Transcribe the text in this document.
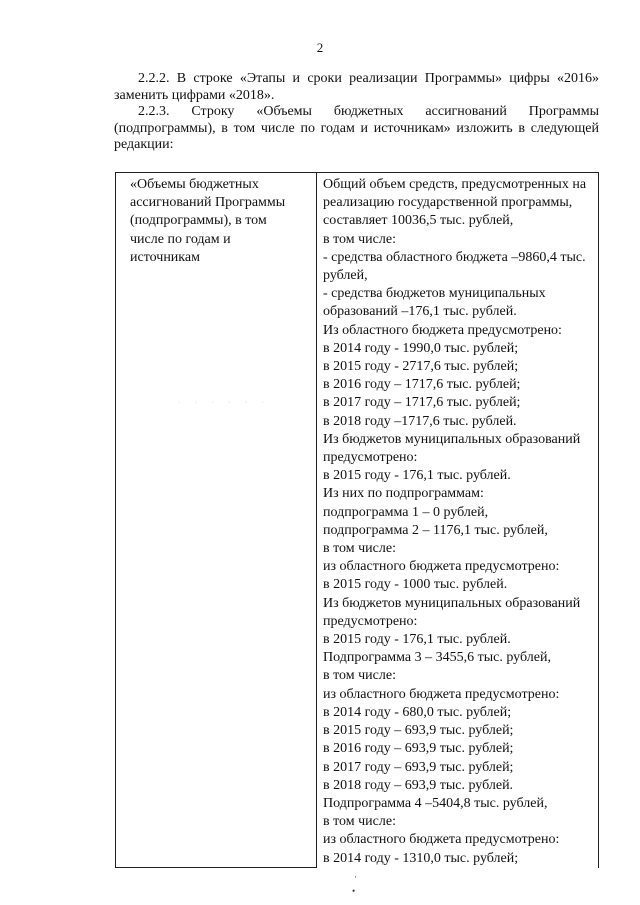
2

2.2.2. В строке «Этапы и сроки реализации Программы» цифры «2016» заменить цифрами «2018».

2.2.3. Строку «Объемы бюджетных ассигнований Программы (подпрограммы), в том числе по годам и источникам» изложить в следующей редакции:

«Объемы бюджетных
ассигнований Программы
(подпрограммы), в том
числе по годам и
источникам

Общий объем средств, предусмотренных на
реализацию государственной программы,
составляет 10036,5 тыс. рублей,
в том числе:
- средства областного бюджета –9860,4 тыс.
рублей,
- средства бюджетов муниципальных
образований –176,1 тыс. рублей.
Из областного бюджета предусмотрено:
в 2014 году - 1990,0 тыс. рублей;
в 2015 году - 2717,6 тыс. рублей;
в 2016 году – 1717,6 тыс. рублей;
в 2017 году – 1717,6 тыс. рублей;
в 2018 году –1717,6 тыс. рублей.
Из бюджетов муниципальных образований
предусмотрено:
в 2015 году - 176,1 тыс. рублей.
Из них по подпрограммам:
подпрограмма 1 – 0 рублей,
подпрограмма 2 – 1176,1 тыс. рублей,
в том числе:
из областного бюджета предусмотрено:
в 2015 году - 1000 тыс. рублей.
Из бюджетов муниципальных образований
предусмотрено:
в 2015 году - 176,1 тыс. рублей.
Подпрограмма 3 – 3455,6 тыс. рублей,
в том числе:
из областного бюджета предусмотрено:
в 2014 году - 680,0 тыс. рублей;
в 2015 году – 693,9 тыс. рублей;
в 2016 году – 693,9 тыс. рублей;
в 2017 году – 693,9 тыс. рублей;
в 2018 году – 693,9 тыс. рублей.
Подпрограмма 4 –5404,8 тыс. рублей,
в том числе:
из областного бюджета предусмотрено:
в 2014 году - 1310,0 тыс. рублей;
· · · · · ·
·
•
